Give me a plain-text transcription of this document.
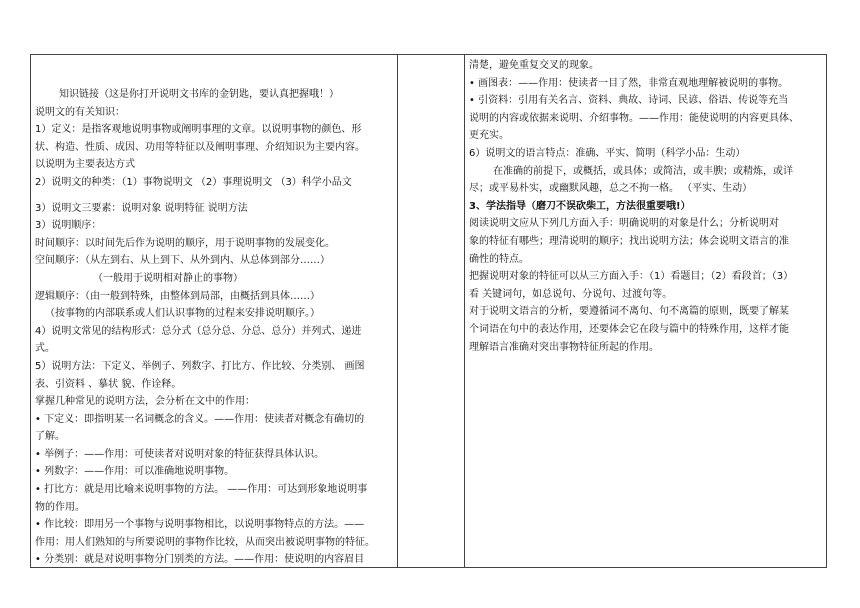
知识链接（这是你打开说明文书库的金钥匙，要认真把握哦！）

说明文的有关知识：

1）定义：是指客观地说明事物或阐明事理的文章。以说明事物的颜色、形

状、构造、性质、成因、功用等特征以及阐明事理、介绍知识为主要内容。

以说明为主要表达方式

2）说明文的种类：（1）事物说明文 （2）事理说明文 （3）科学小品文

3）说明文三要素：说明对象 说明特征 说明方法

3）说明顺序：

时间顺序：以时间先后作为说明的顺序，用于说明事物的发展变化。

空间顺序：（从左到右、从上到下、从外到内、从总体到部分……）

（一般用于说明相对静止的事物）

逻辑顺序：（由一般到特殊，由整体到局部，由概括到具体……）

（按事物的内部联系或人们认识事物的过程来安排说明顺序。）

4）说明文常见的结构形式：总分式（总分总、分总、总分）并列式、递进

式。

5）说明方法：下定义、举例子、列数字、打比方、作比较、分类别、 画图

表、引资料 、摹状 貌、作诠释。

掌握几种常见的说明方法，会分析在文中的作用：

• 下定义：即指明某一名词概念的含义。——作用：使读者对概念有确切的

了解。

• 举例子：——作用：可使读者对说明对象的特征获得具体认识。

• 列数字：——作用：可以准确地说明事物。

• 打比方：就是用比喻来说明事物的方法。 ——作用：可达到形象地说明事

物的作用。

• 作比较：即用另一个事物与说明事物相比，以说明事物特点的方法。——

作用：用人们熟知的与所要说明的事物作比较，从而突出被说明事物的特征。

• 分类别：就是对说明事物分门别类的方法。——作用：使说明的内容眉目

清楚，避免重复交叉的现象。

• 画图表：——作用：使读者一目了然，非常直观地理解被说明的事物。

• 引资料：引用有关名言、资料、典故、诗词、民谚、俗语、传说等充当

说明的内容或依据来说明、介绍事物。——作用：能使说明的内容更具体、

更充实。

6）说明文的语言特点：准确、平实、简明（科学小品：生动）

在准确的前提下，或概括，或具体；或简洁，或丰腴；或精炼，或详

尽；或平易朴实，或幽默风趣，总之不拘一格。 （平实、生动）

3、学法指导（磨刀不误砍柴工，方法很重要哦!）

阅读说明文应从下列几方面入手：明确说明的对象是什么；分析说明对

象的特征有哪些；理清说明的顺序；找出说明方法；体会说明文语言的准

确性的特点。

把握说明对象的特征可以从三方面入手：（1）看题目；（2）看段首；（3）

看 关键词句，如总说句、分说句、过渡句等。

对于说明文语言的分析，要遵循词不离句、句不离篇的原则，既要了解某

个词语在句中的表达作用，还要体会它在段与篇中的特殊作用，这样才能

理解语言准确对突出事物特征所起的作用。
